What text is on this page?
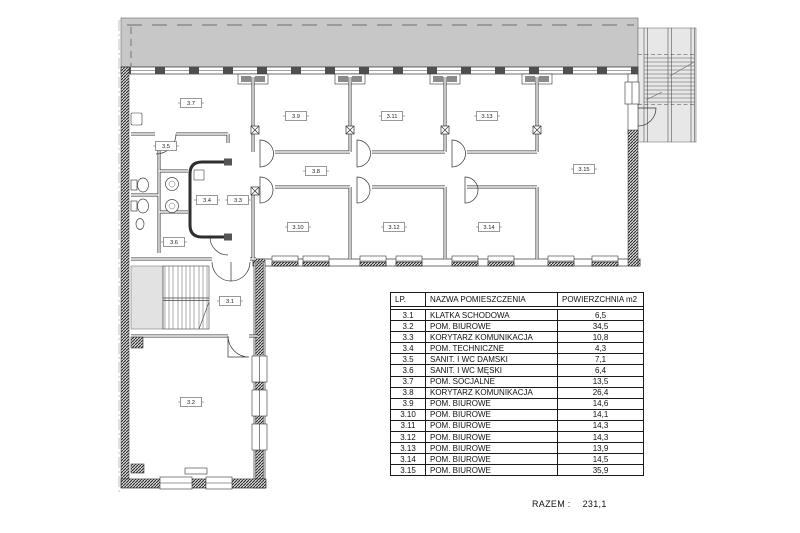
3.7
3.9	3.11	3.13
3.15
3.8
3.5
3.4	3.3
3.6
3.10	3.12	3.14
3.1
3.2
LP.	NAZWA POMIESZCZENIA	POWIERZCHNIA m2

3.1	KLATKA SCHODOWA	6,5
3.2	POM. BIUROWE	34,5
3.3	KORYTARZ KOMUNIKACJA	10,8
3.4	POM. TECHNICZNE	4,3
3.5	SANIT. I WC DAMSKI	7,1
3.6	SANIT. I WC MĘSKI	6,4
3.7	POM. SOCJALNE	13,5
3.8	KORYTARZ KOMUNIKACJA	26,4
3.9	POM. BIUROWE	14,6
3.10	POM. BIUROWE	14,1
3.11	POM. BIUROWE	14,3
3.12	POM. BIUROWE	14,3
3.13	POM. BIUROWE	13,9
3.14	POM. BIUROWE	14,5
3.15	POM. BIUROWE	35,9
RAZEM : 231,1
